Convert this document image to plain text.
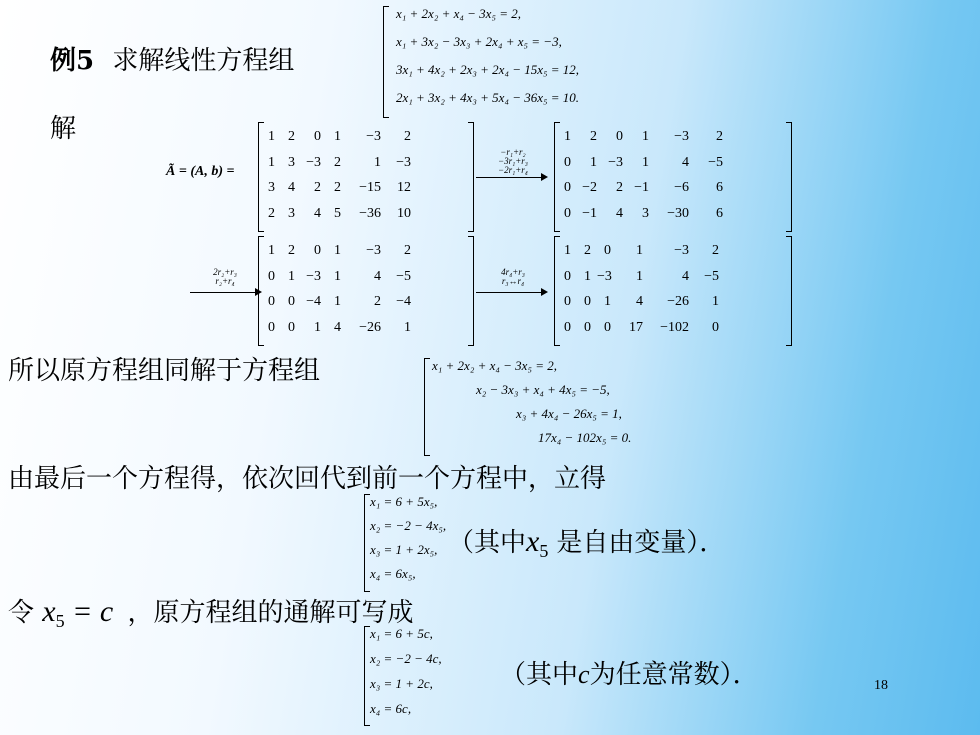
例5 求解线性方程组
x₁ + 2x₂ + x₄ − 3x₅ = 2,
x₁ + 3x₂ − 3x₃ + 2x₄ + x₅ = −3,
3x₁ + 4x₂ + 2x₃ + 2x₄ − 15x₅ = 12,
2x₁ + 3x₂ + 4x₃ + 5x₄ − 36x₅ = 10.
解
Ã = (A, b) =
1 2	0 1	−3	2
1 3 −3 2	1	−3
3 4	2 2	−15	12
2 3	4 5	−36	10
−r₁+r₂
−3r₁+r₃
−2r₁+r₄
1	2	0	1	−3	2
0	1 −3	1	4	−5
0 −2	2 −1	−6	6
0 −1	4	3	−30	6
2r₂+r₃
r₂+r₄
1 2	0 1	−3	2
0 1 −3 1	4	−5
0 0 −4 1	2	−4
0 0	1 4	−26	1
4r₄+r₃
r₃↔r₄
1 2 0	1	−3	2
0 1 −3	1	4	−5
0 0 1	4	−26	1
0 0 0	17	−102	0
所以原方程组同解于方程组	x₁ + 2x₂ + x₄ − 3x₅ = 2,
x₂ − 3x₃ + x₄ + 4x₅ = −5,
x₃ + 4x₄ − 26x₅ = 1,
17x₄ − 102x₅ = 0.
由最后一个方程得，依次回代到前一个方程中，立得
x₁ = 6 + 5x₅,
x₂ = −2 − 4x₅,
x₃ = 1 + 2x₅,
x₄ = 6x₅,
（其中$x_5$ 是自由变量）．
令 $x_5 = c$ ，原方程组的通解可写成
x₁ = 6 + 5c,
x₂ = −2 − 4c,
x₃ = 1 + 2c,
x₄ = 6c,
（其中c为任意常数）．	18
